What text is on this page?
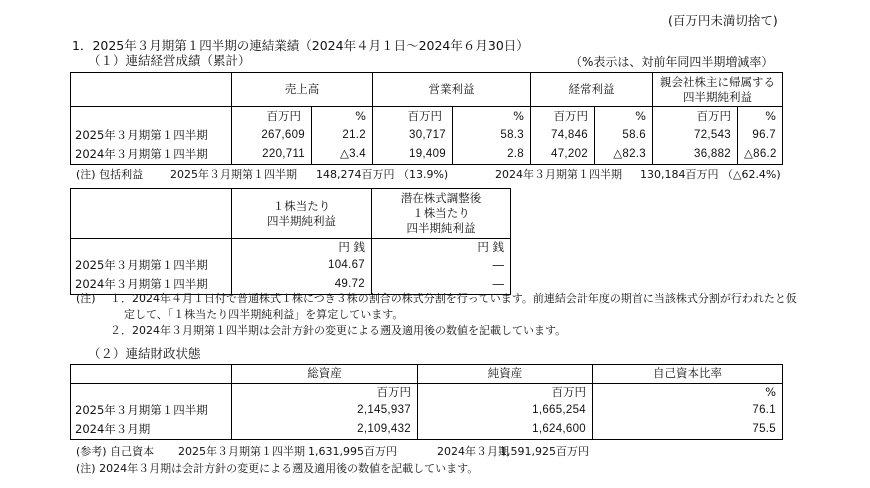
(百万円未満切捨て)
1．2025年３月期第１四半期の連結業績（2024年４月１日～2024年６月30日）
（１）連結経営成績（累計）	（%表示は、対前年同四半期増減率）
	売上高		営業利益		経常利益		親会社株主に帰属する
四半期純利益	

	百万円	%	百万円	%	百万円	%	百万円	%
2025年３月期第１四半期	267,609	21.2	30,717	58.3	74,846	58.6	72,543	96.7
2024年３月期第１四半期	220,711	△3.4	19,409	2.8	47,202	△82.3	36,882	△86.2
(注) 包括利益 2025年３月期第１四半期 148,274百万円 （13.9%)	2024年３月期第１四半期 130,184百万円 （△62.4%)

１株当たり
四半期純利益

潜在株式調整後
１株当たり
四半期純利益

	円 銭	円 銭
2025年３月期第１四半期	104.67	―
2024年３月期第１四半期	49.72	―
(注) １．2024年４月１日付で普通株式１株につき３株の割合の株式分割を行っています。前連結会計年度の期首に当該株式分割が行われたと仮
定して、「１株当たり四半期純利益」を算定しています。
２．2024年３月期第１四半期は会計方針の変更による遡及適用後の数値を記載しています。
（２）連結財政状態
	総資産	純資産	自己資本比率
	百万円	百万円	%
2025年３月期第１四半期	2,145,937	1,665,254	76.1
2024年３月期	2,109,432	1,624,600	75.5
(参考) 自己資本 2025年３月期第１四半期 1,631,995百万円	2024年３月期
1,591,925百万円
(注) 2024年３月期は会計方針の変更による遡及適用後の数値を記載しています。
